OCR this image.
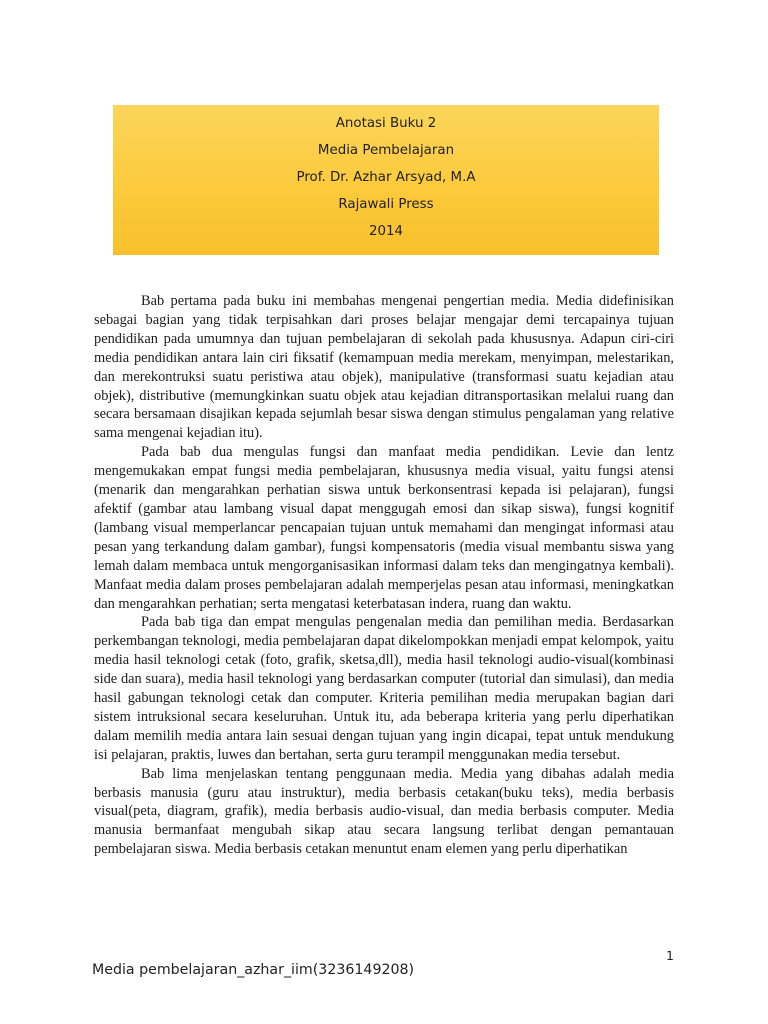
Anotasi Buku 2
Media Pembelajaran
Prof. Dr. Azhar Arsyad, M.A
Rajawali Press
2014

Bab pertama pada buku ini membahas mengenai pengertian media. Media didefinisikan sebagai bagian yang tidak terpisahkan dari proses belajar mengajar demi tercapainya tujuan pendidikan pada umumnya dan tujuan pembelajaran di sekolah pada khususnya. Adapun ciri-ciri media pendidikan antara lain ciri fiksatif (kemampuan media merekam, menyimpan, melestarikan, dan merekontruksi suatu peristiwa atau objek), manipulative (transformasi suatu kejadian atau objek), distributive (memungkinkan suatu objek atau kejadian ditransportasikan melalui ruang dan secara bersamaan disajikan kepada sejumlah besar siswa dengan stimulus pengalaman yang relative sama mengenai kejadian itu).

Pada bab dua mengulas fungsi dan manfaat media pendidikan. Levie dan lentz mengemukakan empat fungsi media pembelajaran, khususnya media visual, yaitu fungsi atensi (menarik dan mengarahkan perhatian siswa untuk berkonsentrasi kepada isi pelajaran), fungsi afektif (gambar atau lambang visual dapat menggugah emosi dan sikap siswa), fungsi kognitif (lambang visual memperlancar pencapaian tujuan untuk memahami dan mengingat informasi atau pesan yang terkandung dalam gambar), fungsi kompensatoris (media visual membantu siswa yang lemah dalam membaca untuk mengorganisasikan informasi dalam teks dan mengingatnya kembali). Manfaat media dalam proses pembelajaran adalah memperjelas pesan atau informasi, meningkatkan dan mengarahkan perhatian; serta mengatasi keterbatasan indera, ruang dan waktu.

Pada bab tiga dan empat mengulas pengenalan media dan pemilihan media. Berdasarkan perkembangan teknologi, media pembelajaran dapat dikelompokkan menjadi empat kelompok, yaitu media hasil teknologi cetak (foto, grafik, sketsa,dll), media hasil teknologi audio-visual(kombinasi side dan suara), media hasil teknologi yang berdasarkan computer (tutorial dan simulasi), dan media hasil gabungan teknologi cetak dan computer. Kriteria pemilihan media merupakan bagian dari sistem intruksional secara keseluruhan. Untuk itu, ada beberapa kriteria yang perlu diperhatikan dalam memilih media antara lain sesuai dengan tujuan yang ingin dicapai, tepat untuk mendukung isi pelajaran, praktis, luwes dan bertahan, serta guru terampil menggunakan media tersebut.

Bab lima menjelaskan tentang penggunaan media. Media yang dibahas adalah media berbasis manusia (guru atau instruktur), media berbasis cetakan(buku teks), media berbasis visual(peta, diagram, grafik), media berbasis audio-visual, dan media berbasis computer. Media manusia bermanfaat mengubah sikap atau secara langsung terlibat dengan pemantauan pembelajaran siswa. Media berbasis cetakan menuntut enam elemen yang perlu diperhatikan

1
Media pembelajaran_azhar_iim(3236149208)
